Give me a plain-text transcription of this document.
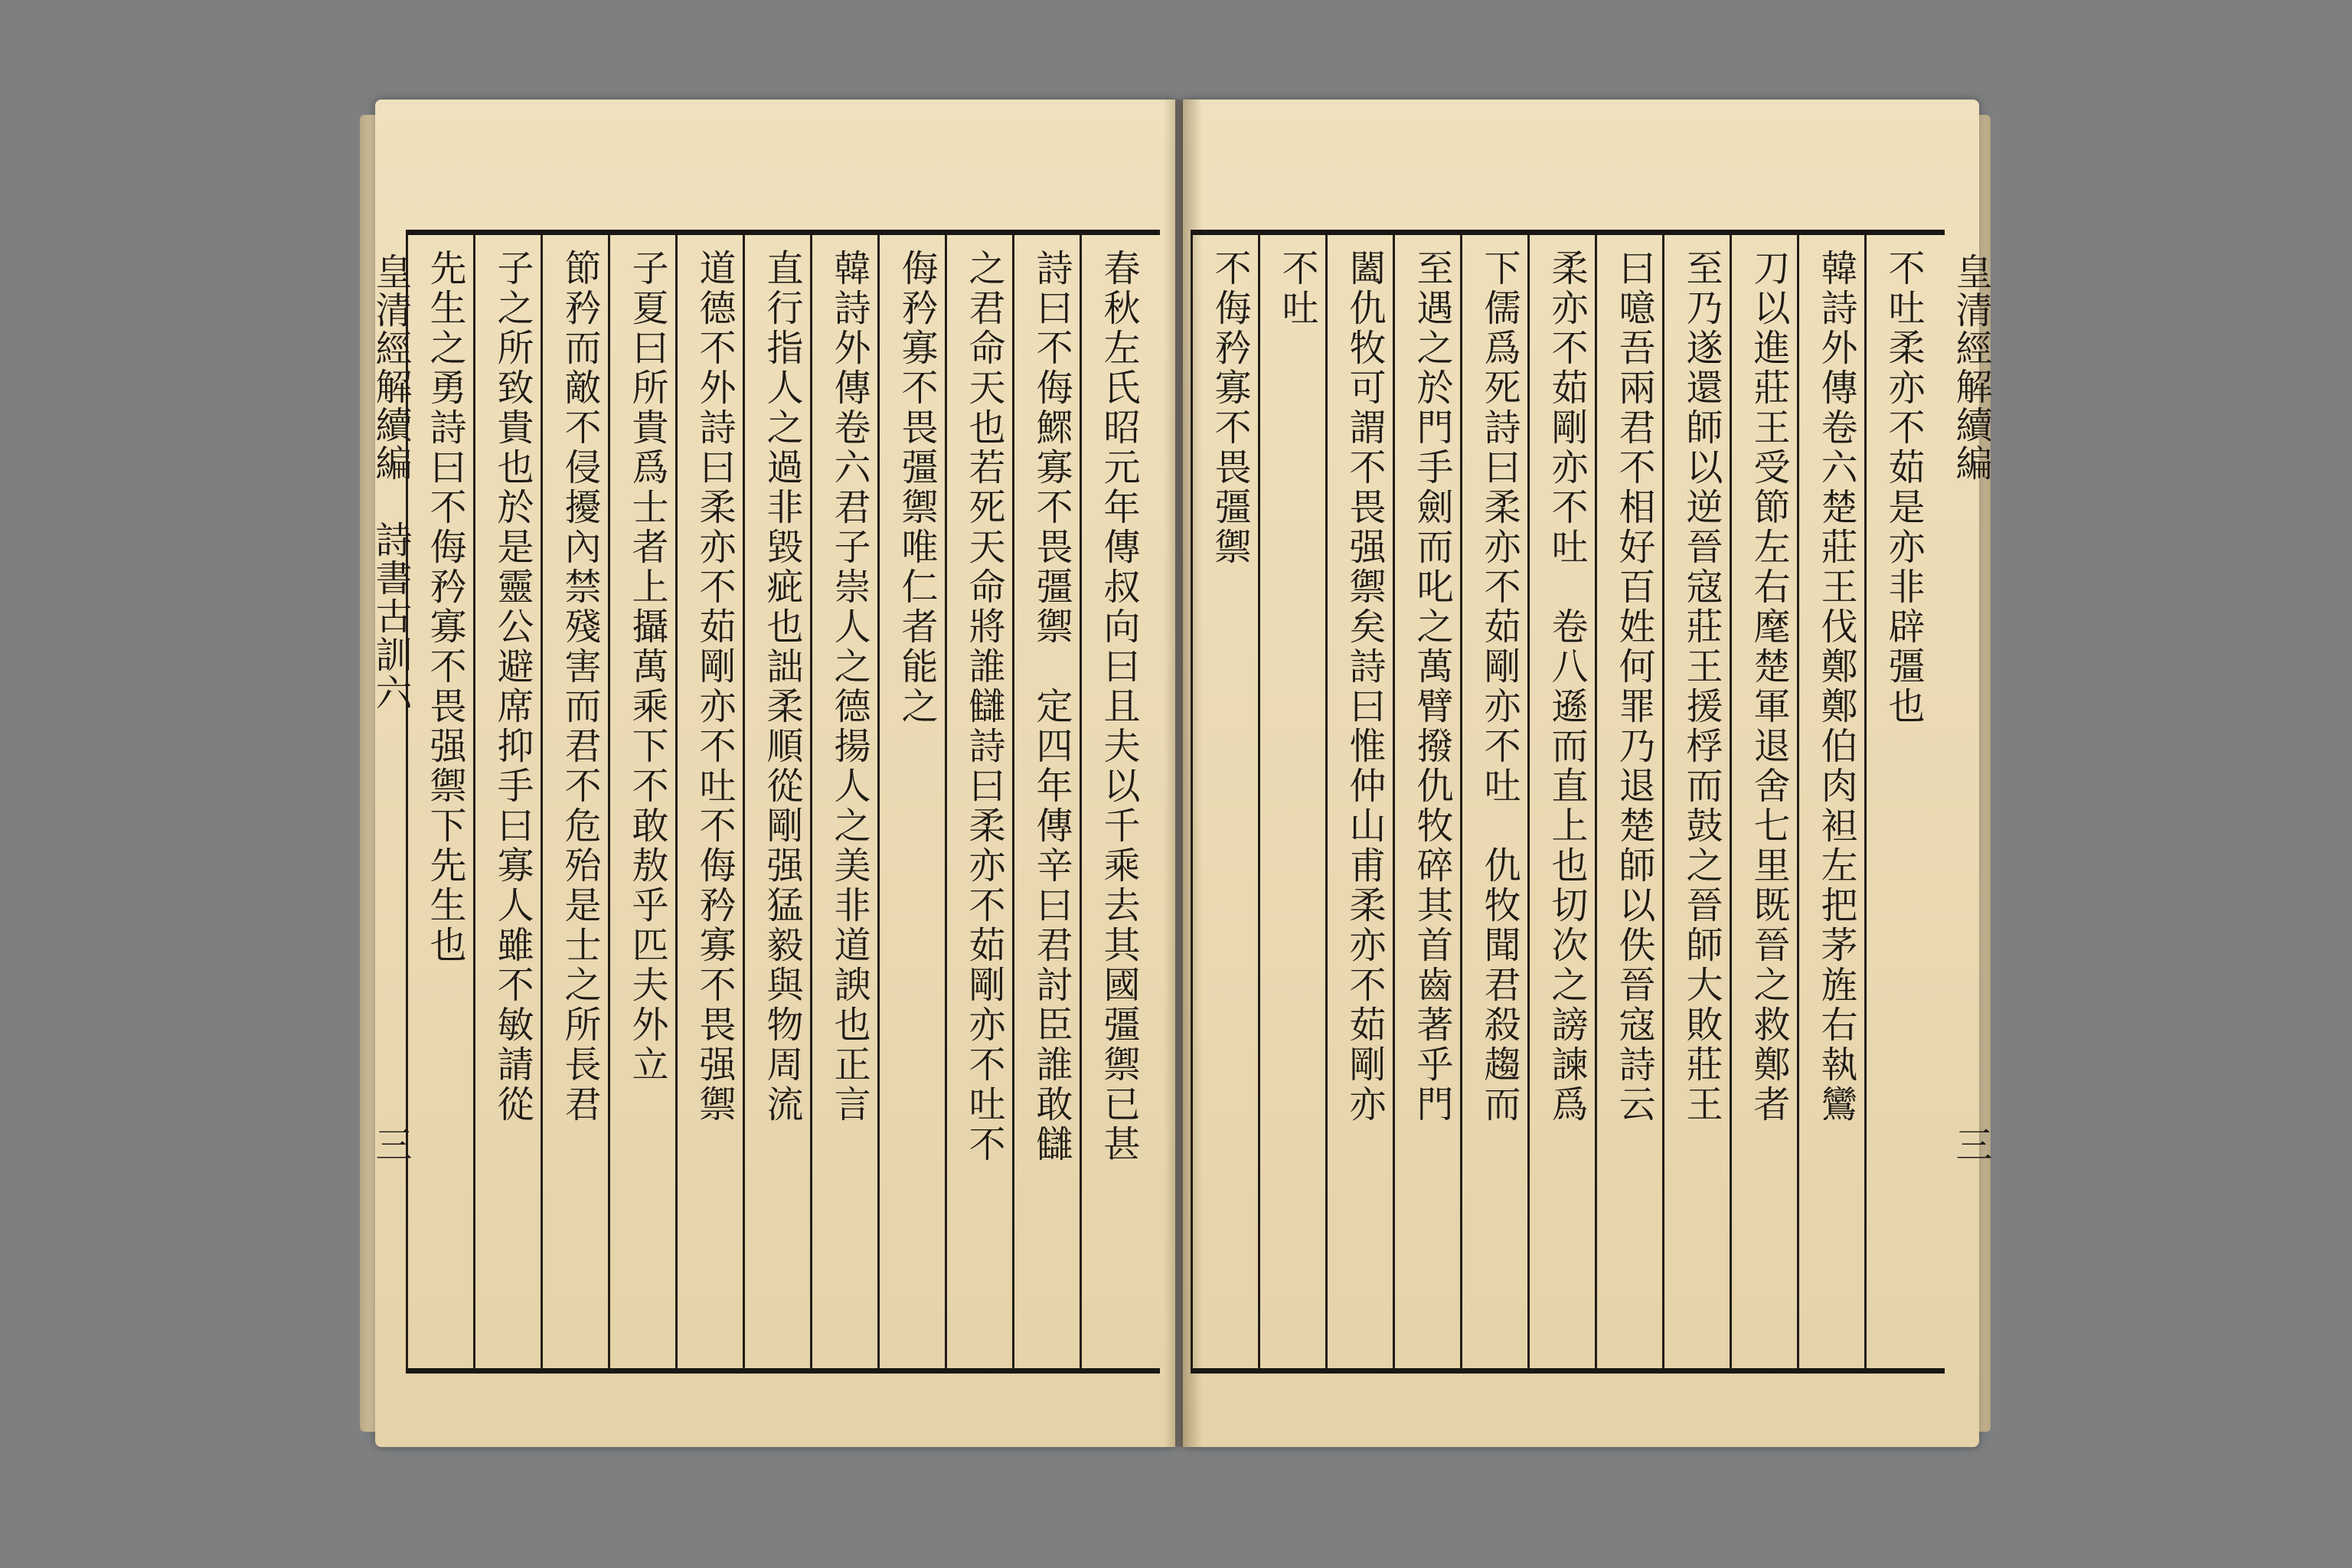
春秋左氏昭元年傳叔向曰且夫以千乘去其國彊禦已甚
詩曰不侮鰥寡不畏彊禦　定四年傳辛曰君討臣誰敢讎
之君命天也若死天命將誰讎詩曰柔亦不茹剛亦不吐不
侮矜寡不畏彊禦唯仁者能之
韓詩外傳卷六君子崇人之德揚人之美非道諛也正言
直行指人之過非毀疵也詘柔順從剛强猛毅與物周流
道德不外詩曰柔亦不茹剛亦不吐不侮矜寡不畏强禦
子夏曰所貴爲士者上攝萬乘下不敢敖乎匹夫外立
節矜而敵不侵擾內禁殘害而君不危殆是士之所長君
子之所致貴也於是靈公避席抑手曰寡人雖不敏請從
先生之勇詩曰不侮矜寡不畏强禦下先生也
皇清經解續編
詩書古訓六
三
不吐柔亦不茹是亦非辟彊也
韓詩外傳卷六楚莊王伐鄭鄭伯肉袒左把茅旌右執鸞
刀以進莊王受節左右麾楚軍退舍七里既晉之救鄭者
至乃遂還師以逆晉寇莊王援桴而鼓之晉師大敗莊王
曰噫吾兩君不相好百姓何罪乃退楚師以佚晉寇詩云
柔亦不茹剛亦不吐　卷八遜而直上也切次之謗諫爲
下儒爲死詩曰柔亦不茹剛亦不吐　仇牧聞君殺趨而
至遇之於門手劍而叱之萬臂撥仇牧碎其首齒著乎門
闔仇牧可謂不畏强禦矣詩曰惟仲山甫柔亦不茹剛亦
不吐
不侮矜寡不畏彊禦	皇清經解續編
三
